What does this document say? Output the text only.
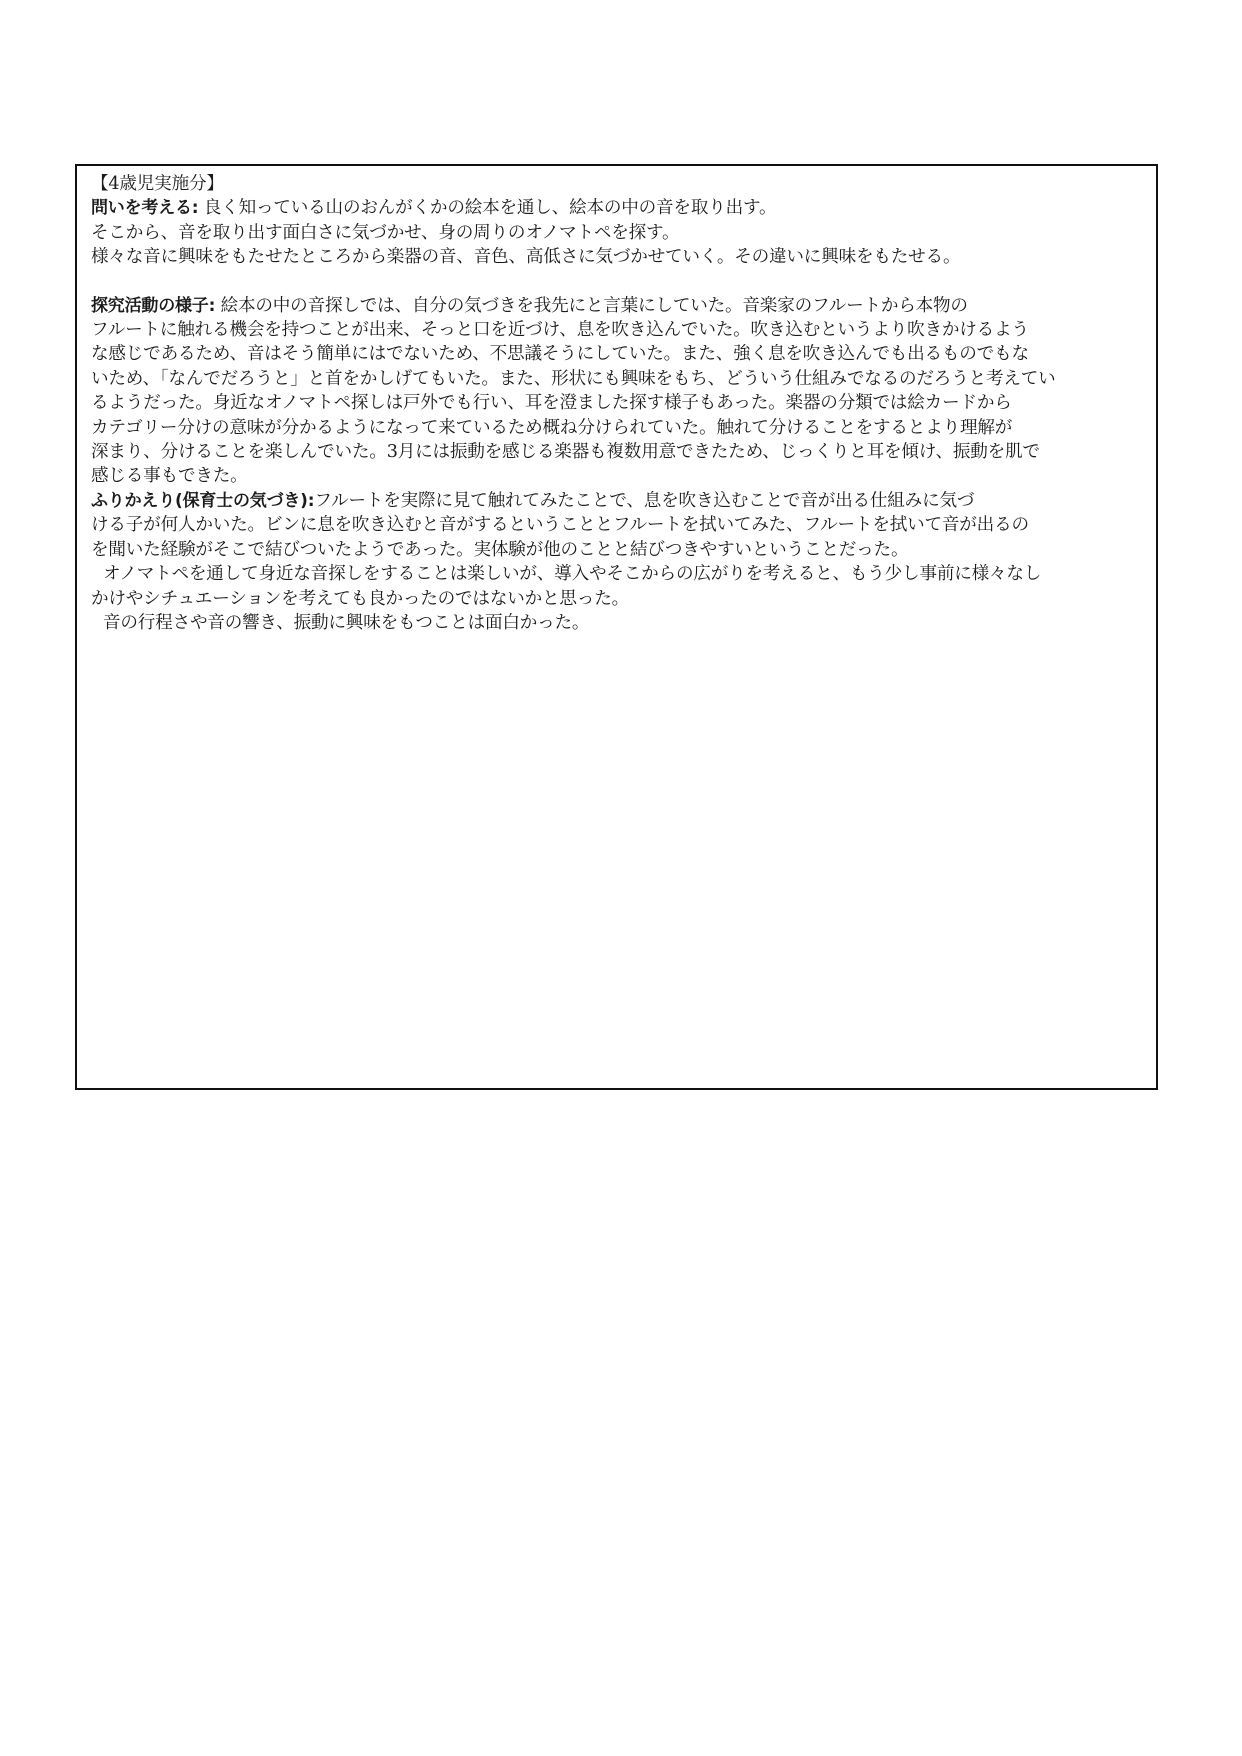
【4歳児実施分】
問いを考える: 良く知っている山のおんがくかの絵本を通し、絵本の中の音を取り出す。
そこから、音を取り出す面白さに気づかせ、身の周りのオノマトペを探す。
様々な音に興味をもたせたところから楽器の音、音色、高低さに気づかせていく。その違いに興味をもたせる。
探究活動の様子: 絵本の中の音探しでは、自分の気づきを我先にと言葉にしていた。音楽家のフルートから本物の
フルートに触れる機会を持つことが出来、そっと口を近づけ、息を吹き込んでいた。吹き込むというより吹きかけるよう
な感じであるため、音はそう簡単にはでないため、不思議そうにしていた。また、強く息を吹き込んでも出るものでもな
いため、「なんでだろうと」と首をかしげてもいた。また、形状にも興味をもち、どういう仕組みでなるのだろうと考えてい
るようだった。身近なオノマトペ探しは戸外でも行い、耳を澄ました探す様子もあった。楽器の分類では絵カードから
カテゴリー分けの意味が分かるようになって来ているため概ね分けられていた。触れて分けることをするとより理解が
深まり、分けることを楽しんでいた。3月には振動を感じる楽器も複数用意できたため、じっくりと耳を傾け、振動を肌で
感じる事もできた。
ふりかえり(保育士の気づき):フルートを実際に見て触れてみたことで、息を吹き込むことで音が出る仕組みに気づ
ける子が何人かいた。ビンに息を吹き込むと音がするということとフルートを拭いてみた、フルートを拭いて音が出るの
を聞いた経験がそこで結びついたようであった。実体験が他のことと結びつきやすいということだった。
オノマトペを通して身近な音探しをすることは楽しいが、導入やそこからの広がりを考えると、もう少し事前に様々なし
かけやシチュエーションを考えても良かったのではないかと思った。
音の行程さや音の響き、振動に興味をもつことは面白かった。
